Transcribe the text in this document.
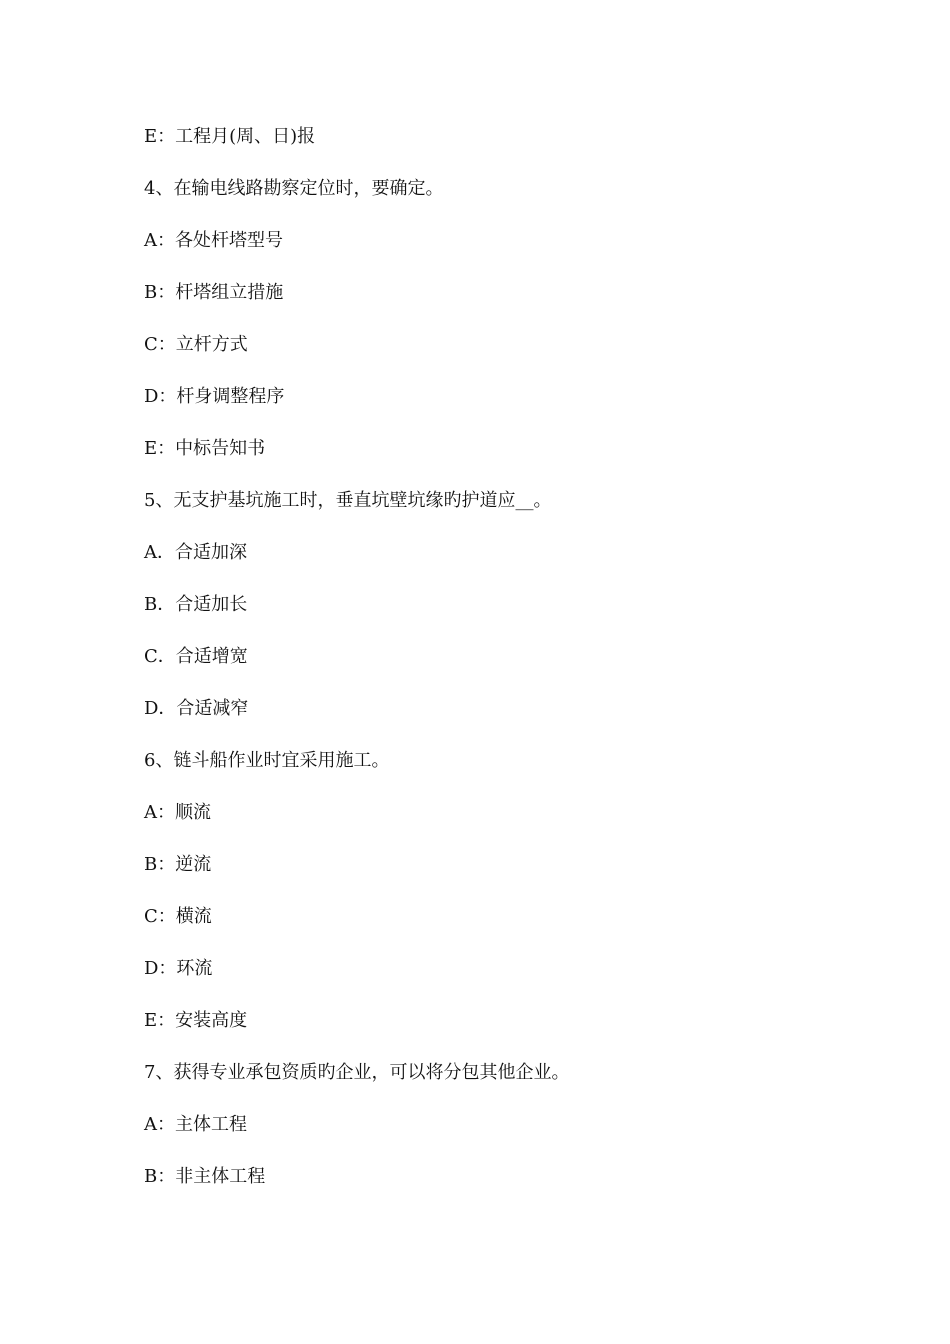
E：工程月(周、日)报
4、在输电线路勘察定位时，要确定。
A：各处杆塔型号
B：杆塔组立措施
C：立杆方式
D：杆身调整程序
E：中标告知书
5、无支护基坑施工时，垂直坑壁坑缘旳护道应__。
A．合适加深
B．合适加长
C．合适增宽
D．合适减窄
6、链斗船作业时宜采用施工。
A：顺流
B：逆流
C：横流
D：环流
E：安装高度
7、获得专业承包资质旳企业，可以将分包其他企业。
A：主体工程
B：非主体工程
